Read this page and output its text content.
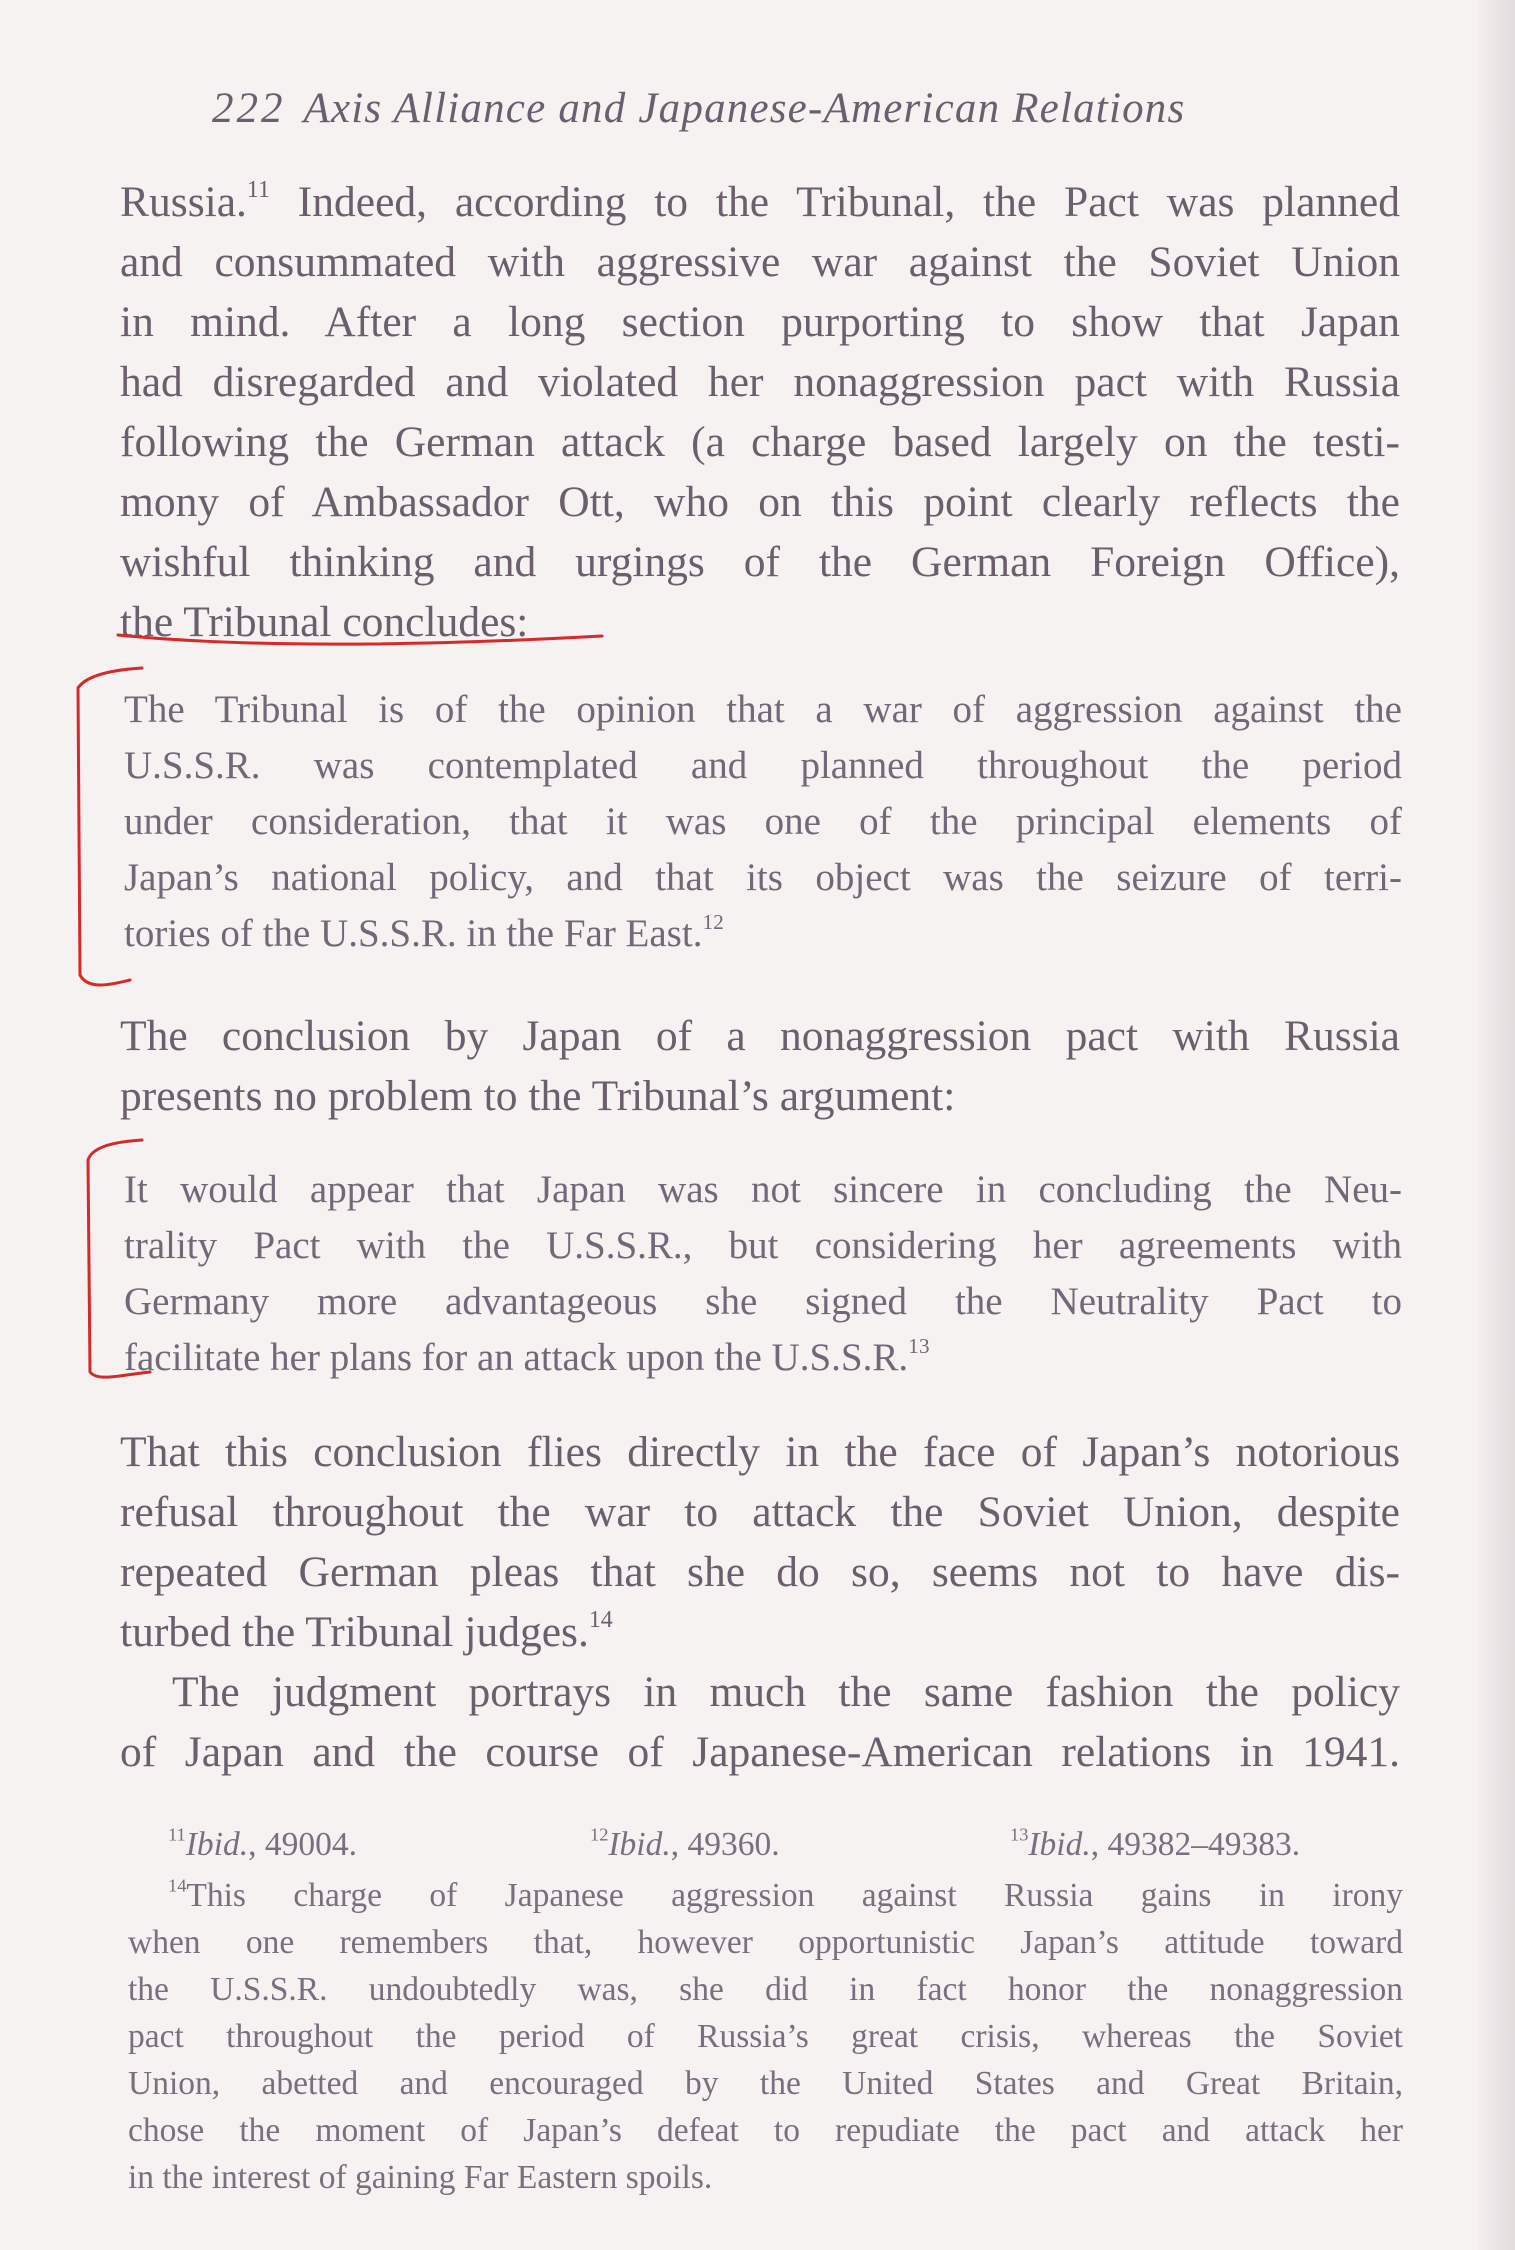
222 Axis Alliance and Japanese-American Relations
Russia.$^{11}$ Indeed, according to the Tribunal, the Pact was planned
and consummated with aggressive war against the Soviet Union
in mind. After a long section purporting to show that Japan
had disregarded and violated her nonaggression pact with Russia
following the German attack (a charge based largely on the testi-
mony of Ambassador Ott, who on this point clearly reflects the
wishful thinking and urgings of the German Foreign Office),
the Tribunal concludes:
The Tribunal is of the opinion that a war of aggression against the
U.S.S.R. was contemplated and planned throughout the period
under consideration, that it was one of the principal elements of
Japan’s national policy, and that its object was the seizure of terri-
tories of the U.S.S.R. in the Far East.$^{12}$
The conclusion by Japan of a nonaggression pact with Russia
presents no problem to the Tribunal’s argument:
It would appear that Japan was not sincere in concluding the Neu-
trality Pact with the U.S.S.R., but considering her agreements with
Germany more advantageous she signed the Neutrality Pact to
facilitate her plans for an attack upon the U.S.S.R.$^{13}$
That this conclusion flies directly in the face of Japan’s notorious
refusal throughout the war to attack the Soviet Union, despite
repeated German pleas that she do so, seems not to have dis-
turbed the Tribunal judges.$^{14}$
The judgment portrays in much the same fashion the policy
of Japan and the course of Japanese-American relations in 1941.
$^{11}$Ibid., 49004.	$^{12}$Ibid., 49360.	$^{13}$Ibid., 49382–49383.
$^{14}$This charge of Japanese aggression against Russia gains in irony
when one remembers that, however opportunistic Japan’s attitude toward
the U.S.S.R. undoubtedly was, she did in fact honor the nonaggression
pact throughout the period of Russia’s great crisis, whereas the Soviet
Union, abetted and encouraged by the United States and Great Britain,
chose the moment of Japan’s defeat to repudiate the pact and attack her
in the interest of gaining Far Eastern spoils.
